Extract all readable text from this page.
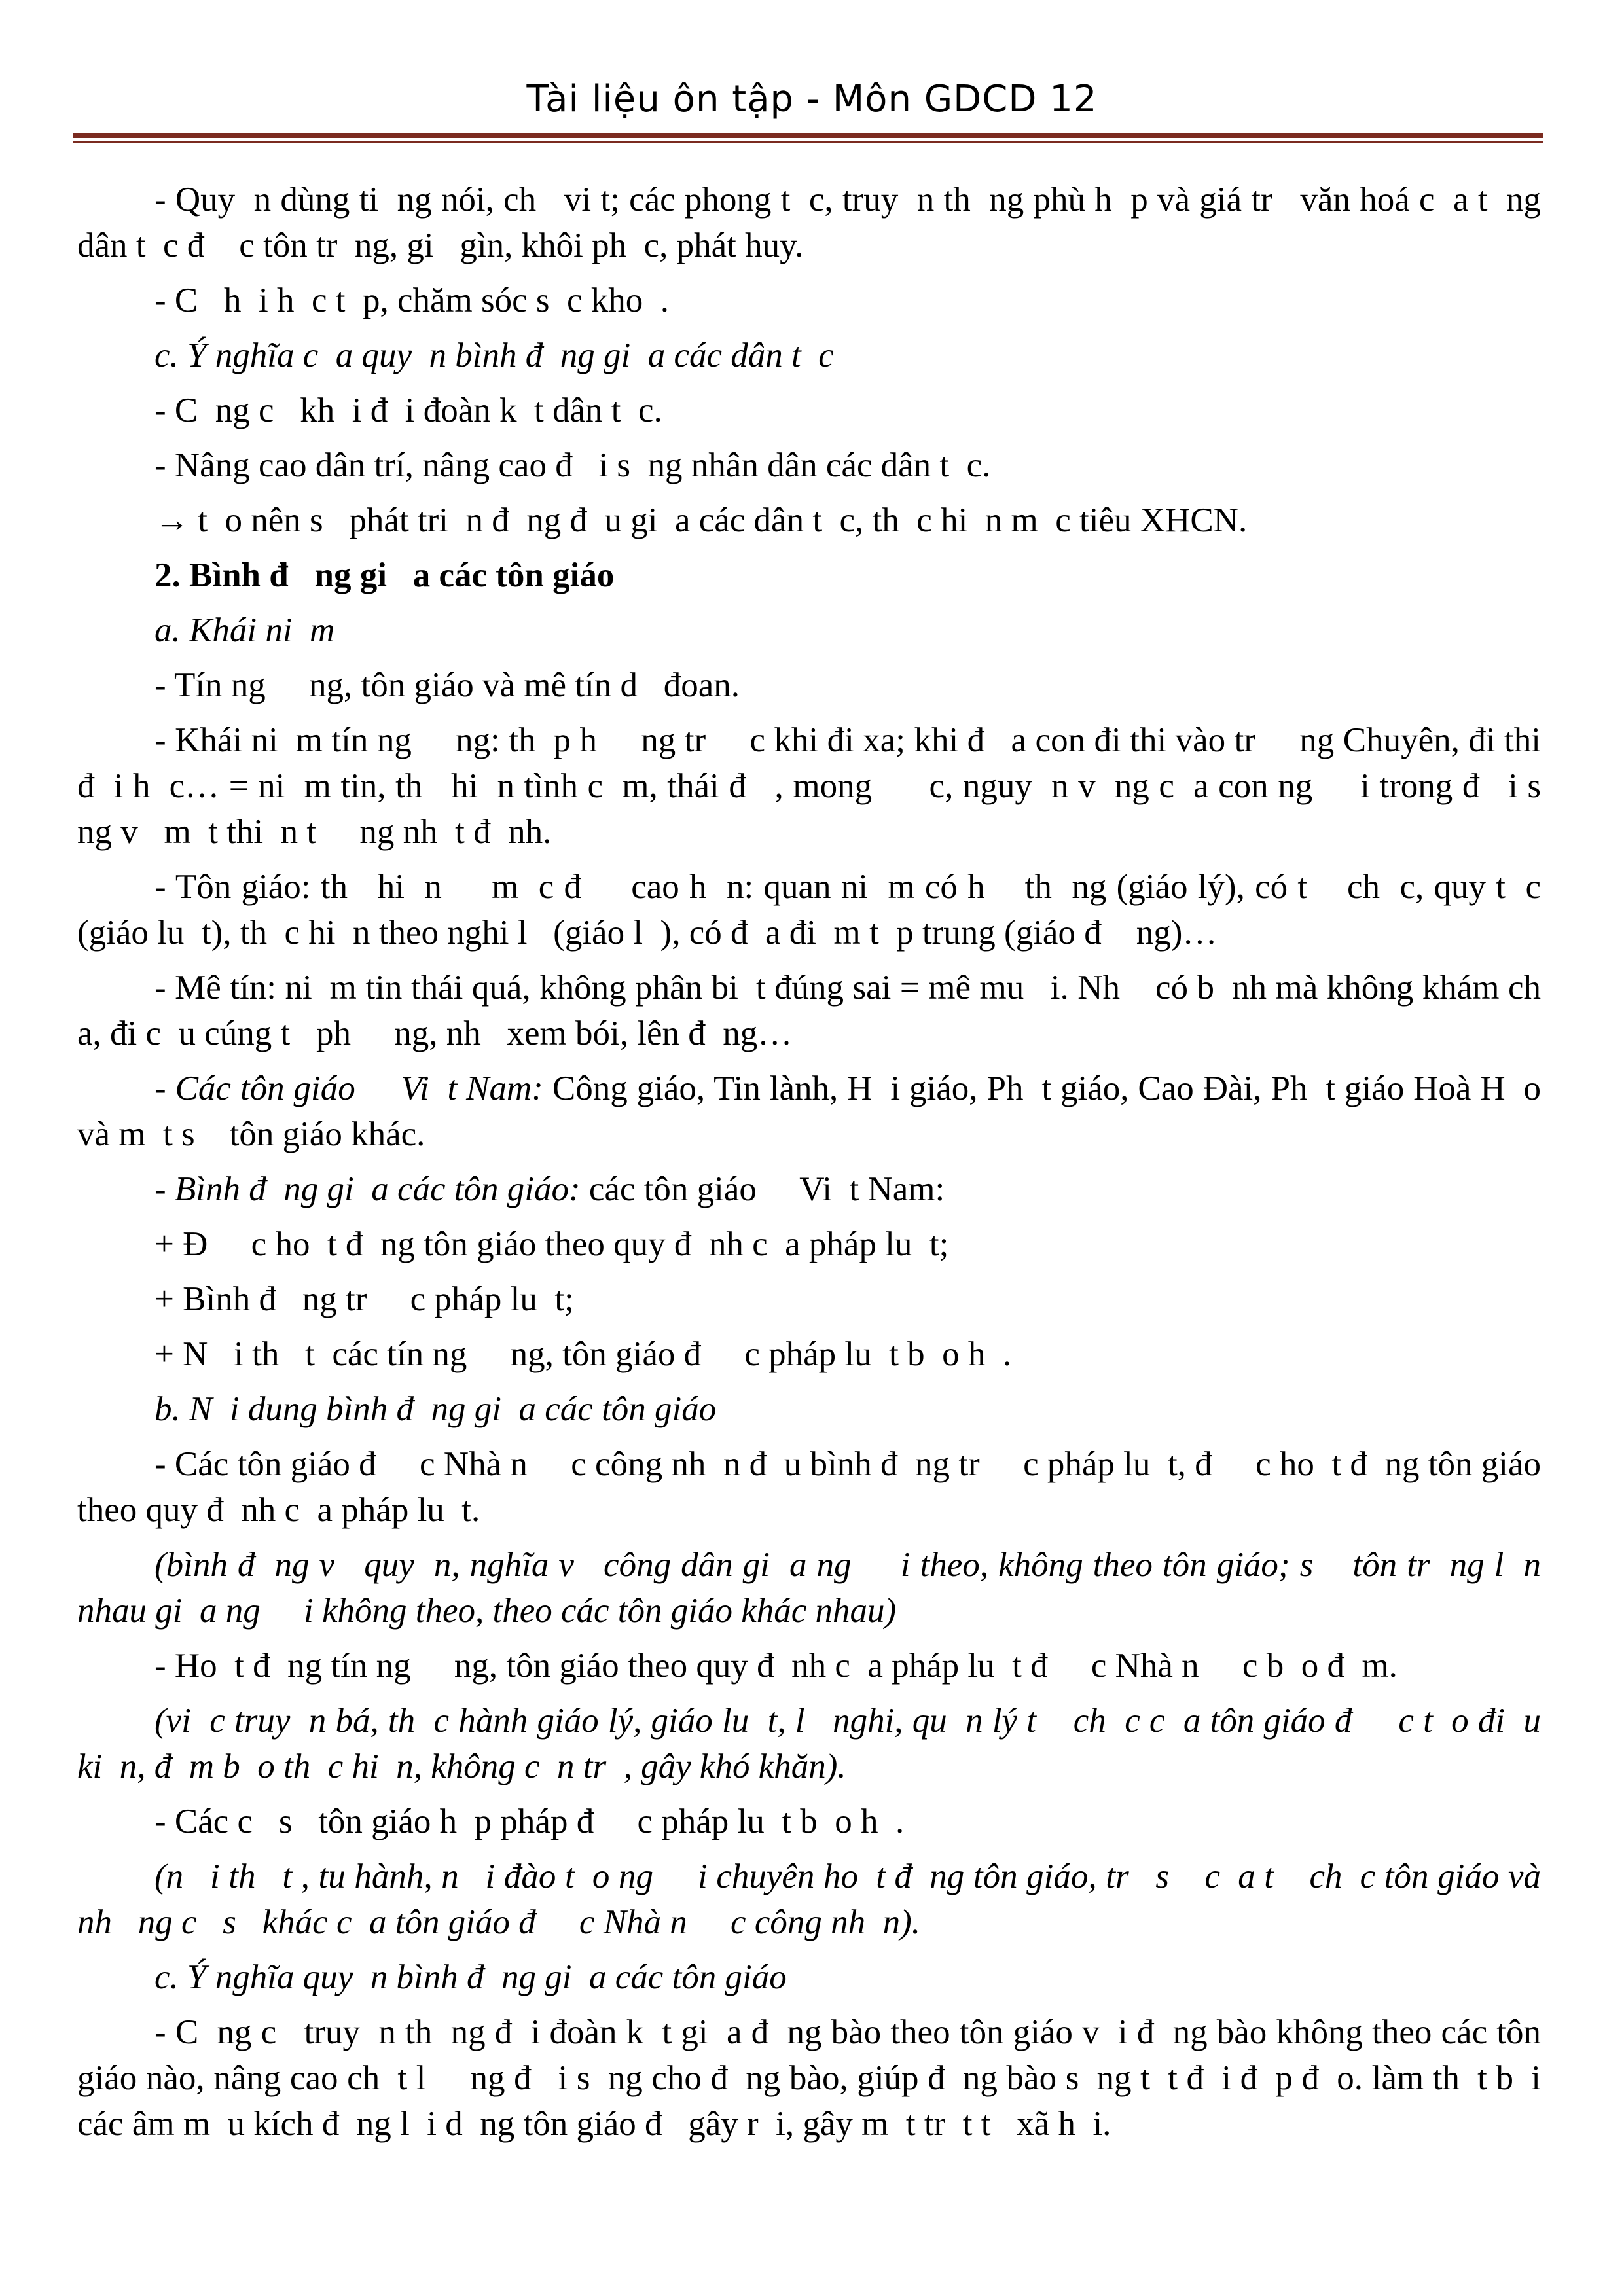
Tài liệu ôn tập - Môn GDCD 12

- Quy  n dùng ti  ng nói, ch   vi t; các phong t  c, truy  n th  ng phù h  p và giá tr   văn hoá c  a t  ng dân t  c đ    c tôn tr  ng, gi   gìn, khôi ph  c, phát huy.

- C   h  i h  c t  p, chăm sóc s  c kho  .

c. Ý nghĩa c  a quy  n bình đ  ng gi  a các dân t  c

- C  ng c   kh  i đ  i đoàn k  t dân t  c.

- Nâng cao dân trí, nâng cao đ   i s  ng nhân dân các dân t  c.

→ t  o nên s   phát tri  n đ  ng đ  u gi  a các dân t  c, th  c hi  n m  c tiêu XHCN.

2. Bình đ   ng gi   a các tôn giáo

a. Khái ni  m

- Tín ng     ng, tôn giáo và mê tín d   đoan.

- Khái ni  m tín ng     ng: th  p h     ng tr     c khi đi xa; khi đ   a con đi thi vào tr     ng Chuyên, đi thi đ  i h  c… = ni  m tin, th   hi  n tình c  m, thái đ   , mong      c, nguy  n v  ng c  a con ng     i trong đ   i s  ng v   m  t thi  n t     ng nh  t đ  nh.

- Tôn giáo: th   hi  n     m  c đ     cao h  n: quan ni  m có h    th  ng (giáo lý), có t    ch  c, quy t  c (giáo lu  t), th  c hi  n theo nghi l   (giáo l  ), có đ  a đi  m t  p trung (giáo đ    ng)…

- Mê tín: ni  m tin thái quá, không phân bi  t đúng sai = mê mu   i. Nh    có b  nh mà không khám ch  a, đi c  u cúng t   ph     ng, nh   xem bói, lên đ  ng…

- Các tôn giáo     Vi  t Nam: Công giáo, Tin lành, H  i giáo, Ph  t giáo, Cao Đài, Ph  t giáo Hoà H  o và m  t s    tôn giáo khác.

- Bình đ  ng gi  a các tôn giáo: các tôn giáo     Vi  t Nam:

+ Đ     c ho  t đ  ng tôn giáo theo quy đ  nh c  a pháp lu  t;

+ Bình đ   ng tr     c pháp lu  t;

+ N   i th   t  các tín ng     ng, tôn giáo đ     c pháp lu  t b  o h  .

b. N  i dung bình đ  ng gi  a các tôn giáo

- Các tôn giáo đ     c Nhà n     c công nh  n đ  u bình đ  ng tr     c pháp lu  t, đ     c ho  t đ  ng tôn giáo theo quy đ  nh c  a pháp lu  t.

(bình đ  ng v   quy  n, nghĩa v   công dân gi  a ng     i theo, không theo tôn giáo; s    tôn tr  ng l  n nhau gi  a ng     i không theo, theo các tôn giáo khác nhau)

- Ho  t đ  ng tín ng     ng, tôn giáo theo quy đ  nh c  a pháp lu  t đ     c Nhà n     c b  o đ  m.

(vi  c truy  n bá, th  c hành giáo lý, giáo lu  t, l   nghi, qu  n lý t    ch  c c  a tôn giáo đ     c t  o đi  u ki  n, đ  m b  o th  c hi  n, không c  n tr  , gây khó khăn).

- Các c   s   tôn giáo h  p pháp đ     c pháp lu  t b  o h  .

(n   i th   t , tu hành, n   i đào t  o ng     i chuyên ho  t đ  ng tôn giáo, tr   s    c  a t    ch  c tôn giáo và nh   ng c   s   khác c  a tôn giáo đ     c Nhà n     c công nh  n).

c. Ý nghĩa quy  n bình đ  ng gi  a các tôn giáo

- C  ng c   truy  n th  ng đ  i đoàn k  t gi  a đ  ng bào theo tôn giáo v  i đ  ng bào không theo các tôn giáo nào, nâng cao ch  t l     ng đ   i s  ng cho đ  ng bào, giúp đ  ng bào s  ng t  t đ  i đ  p đ  o. làm th  t b  i các âm m  u kích đ  ng l  i d  ng tôn giáo đ   gây r  i, gây m  t tr  t t   xã h  i.
